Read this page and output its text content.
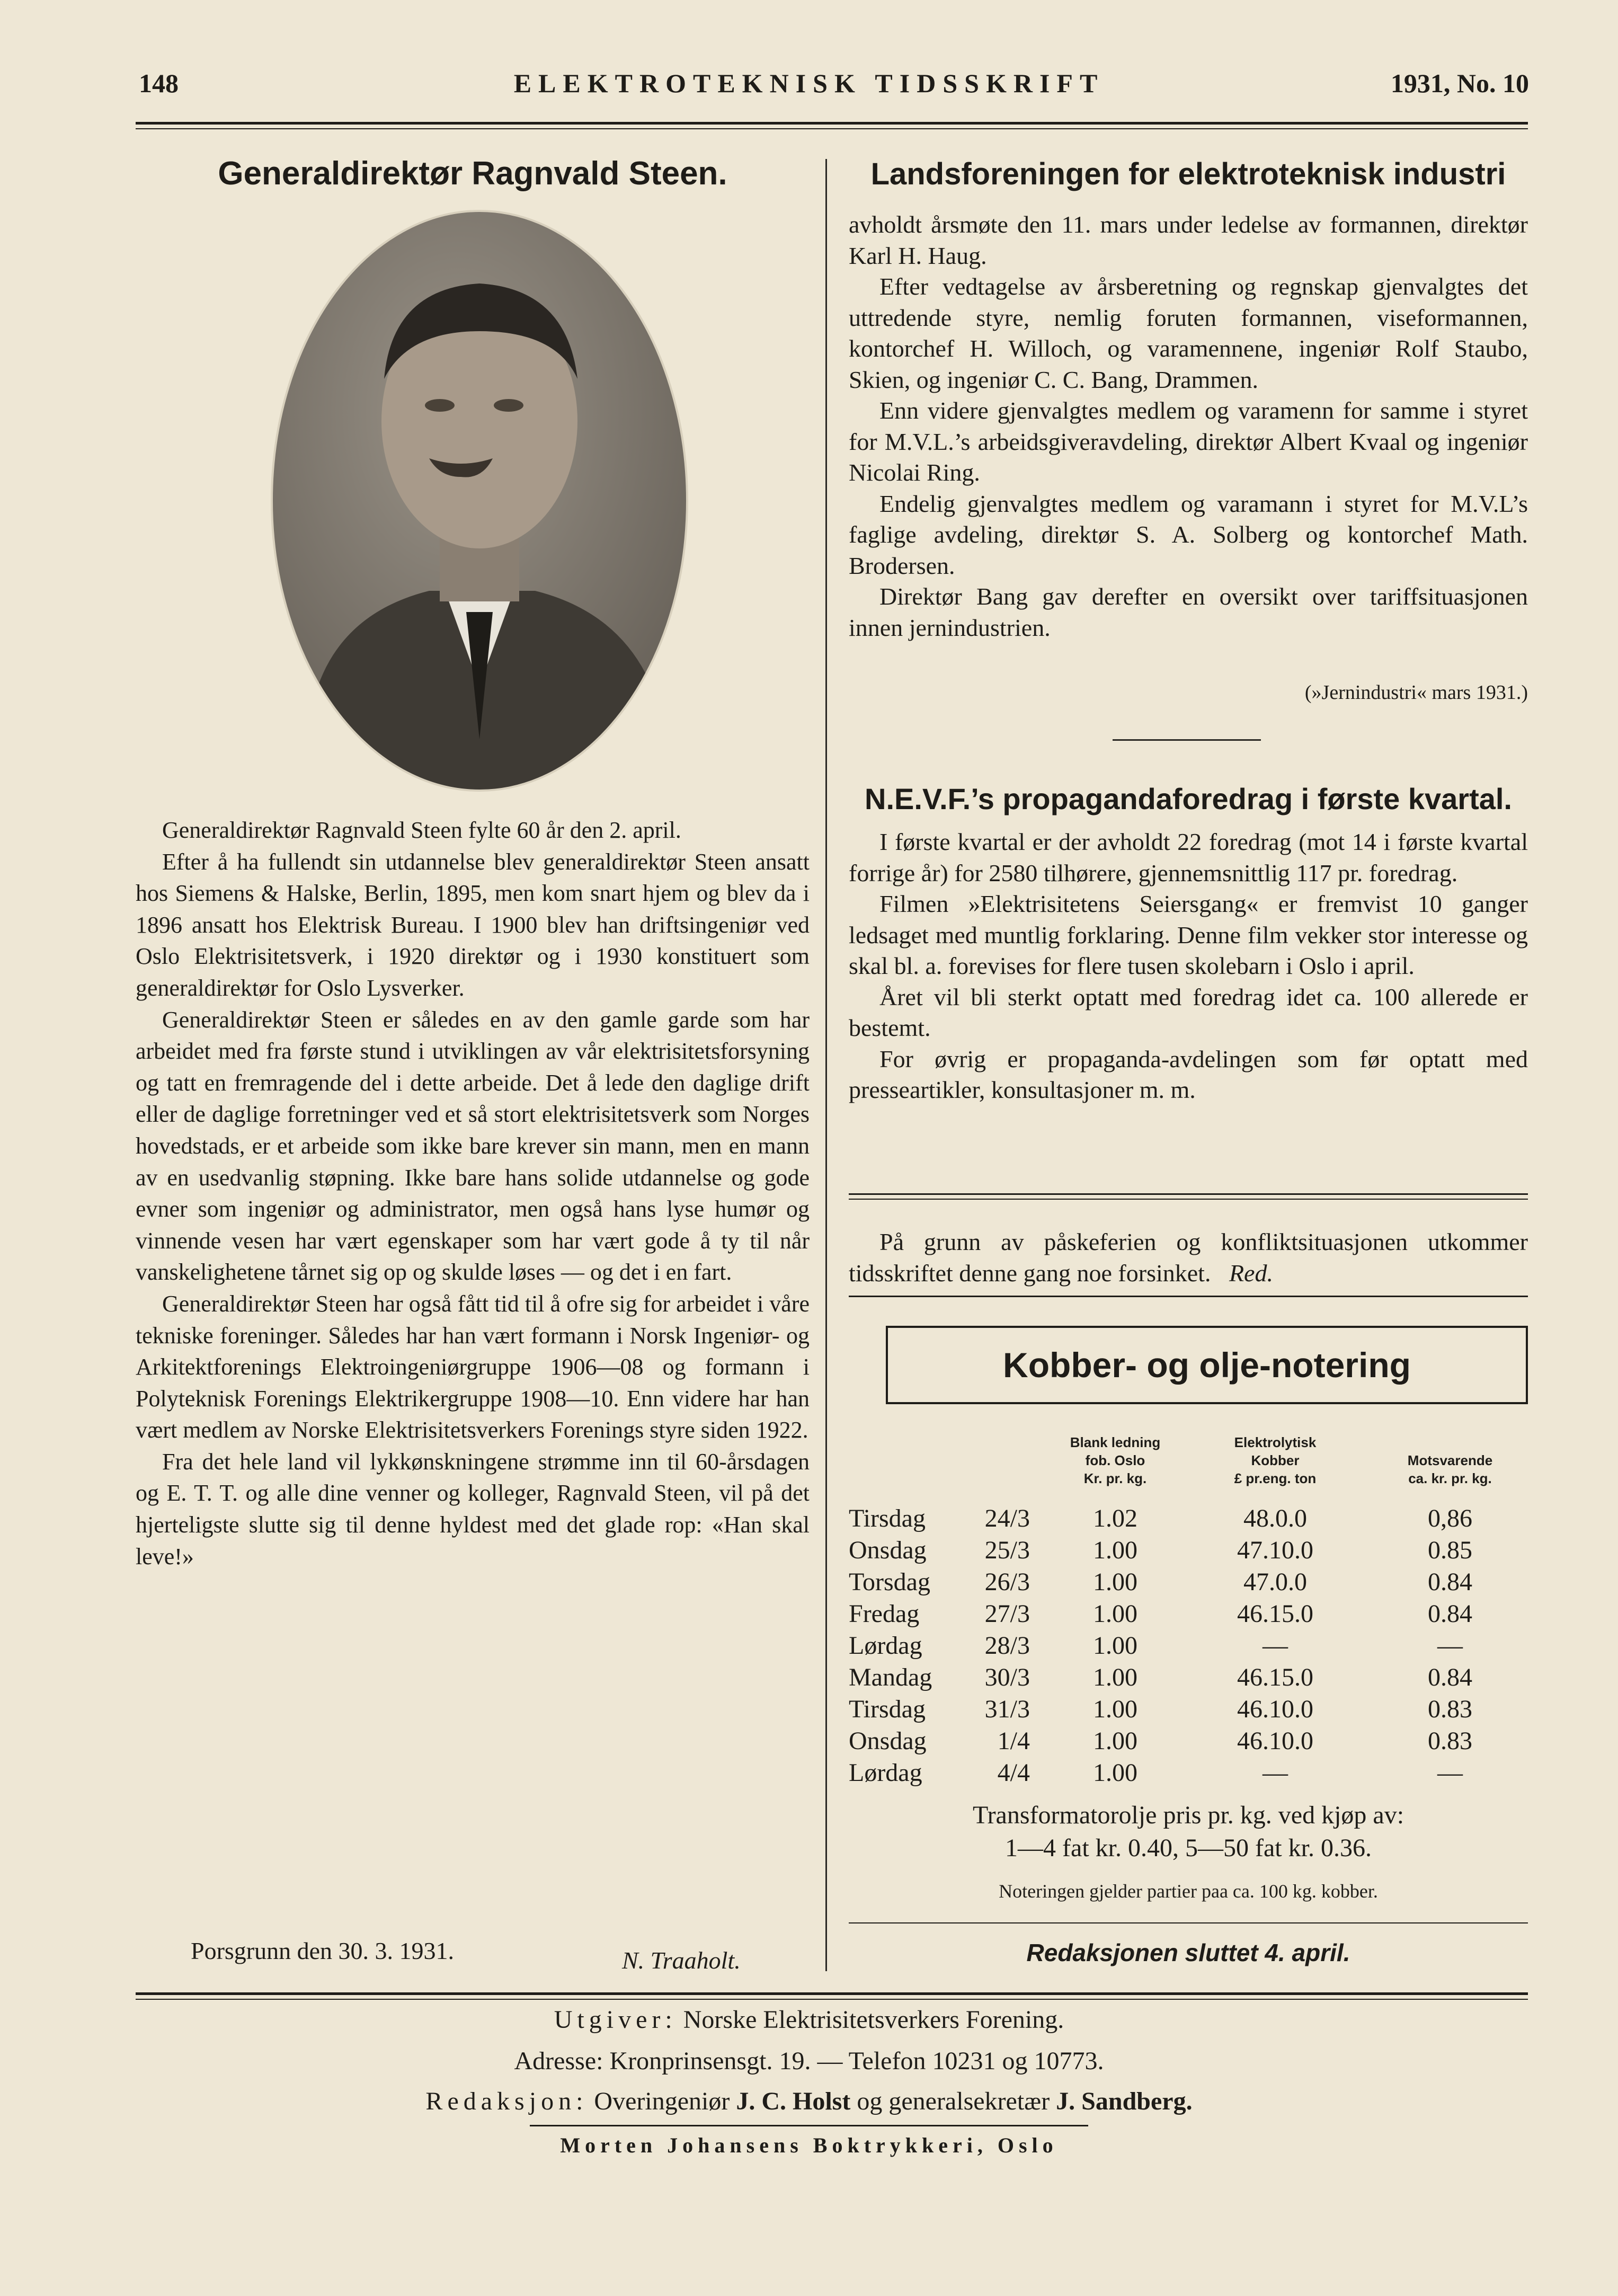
148	ELEKTROTEKNISK TIDSSKRIFT	1931, No. 10
Generaldirektør Ragnvald Steen.

Generaldirektør Ragnvald Steen fylte 60 år den 2. april.

Efter å ha fullendt sin utdannelse blev generaldirektør Steen ansatt hos Siemens & Halske, Berlin, 1895, men kom snart hjem og blev da i 1896 ansatt hos Elektrisk Bureau. I 1900 blev han driftsingeniør ved Oslo Elektrisitetsverk, i 1920 direktør og i 1930 konstituert som generaldirektør for Oslo Lysverker.

Generaldirektør Steen er således en av den gamle garde som har arbeidet med fra første stund i utviklingen av vår elektrisitetsforsyning og tatt en fremragende del i dette arbeide. Det å lede den daglige drift eller de daglige forretninger ved et så stort elektrisitetsverk som Norges hovedstads, er et arbeide som ikke bare krever sin mann, men en mann av en usedvanlig støpning. Ikke bare hans solide utdannelse og gode evner som ingeniør og administrator, men også hans lyse humør og vinnende vesen har vært egenskaper som har vært gode å ty til når vanskelighetene tårnet sig op og skulde løses — og det i en fart.

Generaldirektør Steen har også fått tid til å ofre sig for arbeidet i våre tekniske foreninger. Således har han vært formann i Norsk Ingeniør- og Arkitektforenings Elektroingeniørgruppe 1906—08 og formann i Polyteknisk Forenings Elektrikergruppe 1908—10. Enn videre har han vært medlem av Norske Elektrisitetsverkers Forenings styre siden 1922.

Fra det hele land vil lykkønskningene strømme inn til 60-årsdagen og E. T. T. og alle dine venner og kolleger, Ragnvald Steen, vil på det hjerteligste slutte sig til denne hyldest med det glade rop: «Han skal leve!»

Porsgrunn den 30. 3. 1931.	N. Traaholt.
Landsforeningen for elektroteknisk industri

avholdt årsmøte den 11. mars under ledelse av formannen, direktør Karl H. Haug.

Efter vedtagelse av årsberetning og regnskap gjenvalgtes det uttredende styre, nemlig foruten formannen, viseformannen, kontorchef H. Willoch, og varamennene, ingeniør Rolf Staubo, Skien, og ingeniør C. C. Bang, Drammen.

Enn videre gjenvalgtes medlem og varamenn for samme i styret for M.V.L.’s arbeidsgiveravdeling, direktør Albert Kvaal og ingeniør Nicolai Ring.

Endelig gjenvalgtes medlem og varamann i styret for M.V.L’s faglige avdeling, direktør S. A. Solberg og kontorchef Math. Brodersen.

Direktør Bang gav derefter en oversikt over tariffsituasjonen innen jernindustrien.

(»Jernindustri« mars 1931.)
N.E.V.F.’s propagandaforedrag i første kvartal.

I første kvartal er der avholdt 22 foredrag (mot 14 i første kvartal forrige år) for 2580 tilhørere, gjennemsnittlig 117 pr. foredrag.

Filmen »Elektrisitetens Seiersgang« er fremvist 10 ganger ledsaget med muntlig forklaring. Denne film vekker stor interesse og skal bl. a. forevises for flere tusen skolebarn i Oslo i april.

Året vil bli sterkt optatt med foredrag idet ca. 100 allerede er bestemt.

For øvrig er propaganda-avdelingen som før optatt med presseartikler, konsultasjoner m. m.

På grunn av påskeferien og konfliktsituasjonen utkommer tidsskriftet denne gang noe forsinket. Red.

Kobber- og olje-notering
Blank ledning
fob. Oslo
Kr. pr. kg.
Elektrolytisk
Kobber
£ pr.eng. ton
Motsvarende
ca. kr. pr. kg.
Tirsdag	24/3	1.02	48.0.0	0,86
Onsdag	25/3	1.00	47.10.0	0.85
Torsdag	26/3	1.00	47.0.0	0.84
Fredag	27/3	1.00	46.15.0	0.84
Lørdag	28/3	1.00	—	—
Mandag	30/3	1.00	46.15.0	0.84
Tirsdag	31/3	1.00	46.10.0	0.83
Onsdag	1/4	1.00	46.10.0	0.83
Lørdag	4/4	1.00	—	—
Transformatorolje pris pr. kg. ved kjøp av:
1—4 fat kr. 0.40, 5—50 fat kr. 0.36.
Noteringen gjelder partier paa ca. 100 kg. kobber.
Redaksjonen sluttet 4. april.
Utgiver: Norske Elektrisitetsverkers Forening.
Adresse: Kronprinsensgt. 19. — Telefon 10231 og 10773.
Redaksjon: Overingeniør J. C. Holst og generalsekretær J. Sandberg.
Morten Johansens Boktrykkeri, Oslo
